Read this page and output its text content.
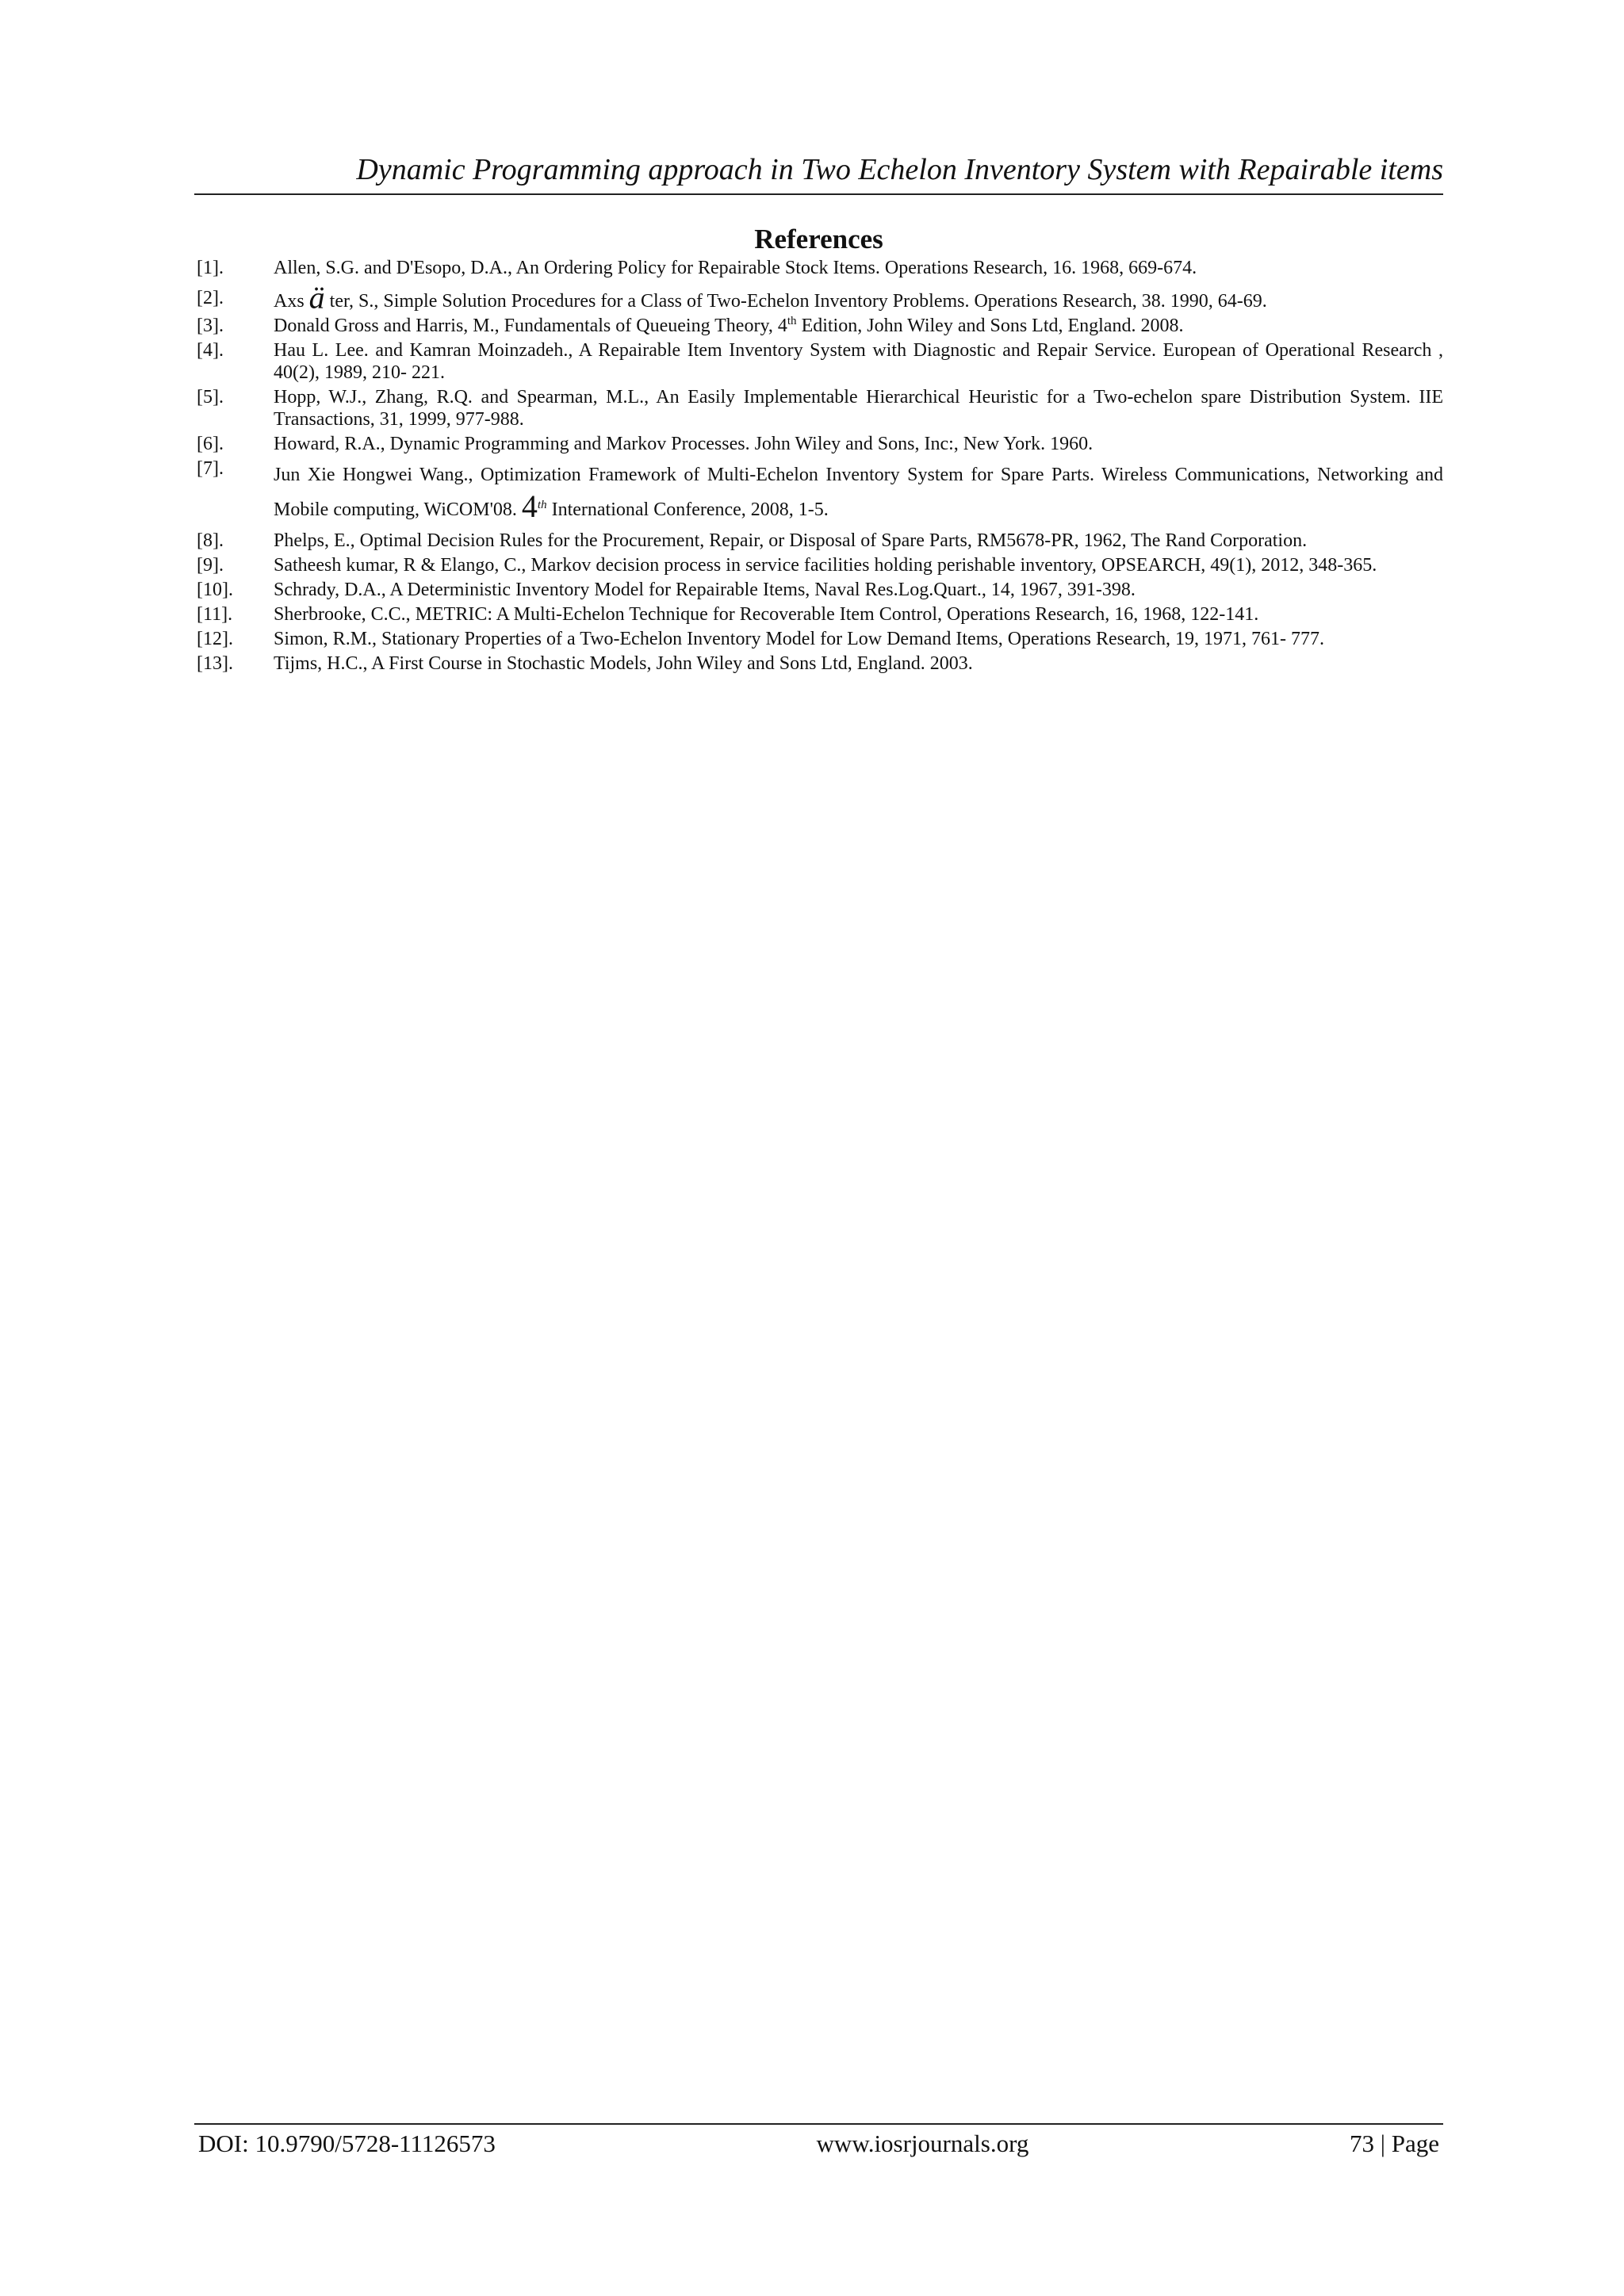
Dynamic Programming approach in Two Echelon Inventory System with Repairable items
References
[1].	Allen, S.G. and D'Esopo, D.A., An Ordering Policy for Repairable Stock Items. Operations Research, 16. 1968, 669-674.
[2].	Axs ä ter, S., Simple Solution Procedures for a Class of Two-Echelon Inventory Problems. Operations Research, 38. 1990, 64-69.
[3].	Donald Gross and Harris, M., Fundamentals of Queueing Theory, 4th Edition, John Wiley and Sons Ltd, England. 2008.
[4].	Hau L. Lee. and Kamran Moinzadeh., A Repairable Item Inventory System with Diagnostic and Repair Service. European of Operational Research , 40(2), 1989, 210- 221.
[5].	Hopp, W.J., Zhang, R.Q. and Spearman, M.L., An Easily Implementable Hierarchical Heuristic for a Two-echelon spare Distribution System. IIE Transactions, 31, 1999, 977-988.
[6].	Howard, R.A., Dynamic Programming and Markov Processes. John Wiley and Sons, Inc:, New York. 1960.
[7].	Jun Xie Hongwei Wang., Optimization Framework of Multi-Echelon Inventory System for Spare Parts. Wireless Communications, Networking and Mobile computing, WiCOM'08. 4th International Conference, 2008, 1-5.
[8].	Phelps, E., Optimal Decision Rules for the Procurement, Repair, or Disposal of Spare Parts, RM5678-PR, 1962, The Rand Corporation.
[9].	Satheesh kumar, R & Elango, C., Markov decision process in service facilities holding perishable inventory, OPSEARCH, 49(1), 2012, 348-365.
[10].	Schrady, D.A., A Deterministic Inventory Model for Repairable Items, Naval Res.Log.Quart., 14, 1967, 391-398.
[11].	Sherbrooke, C.C., METRIC: A Multi-Echelon Technique for Recoverable Item Control, Operations Research, 16, 1968, 122-141.
[12].	Simon, R.M., Stationary Properties of a Two-Echelon Inventory Model for Low Demand Items, Operations Research, 19, 1971, 761- 777.
[13].	Tijms, H.C., A First Course in Stochastic Models, John Wiley and Sons Ltd, England. 2003.
DOI: 10.9790/5728-11126573	www.iosrjournals.org	73 | Page
